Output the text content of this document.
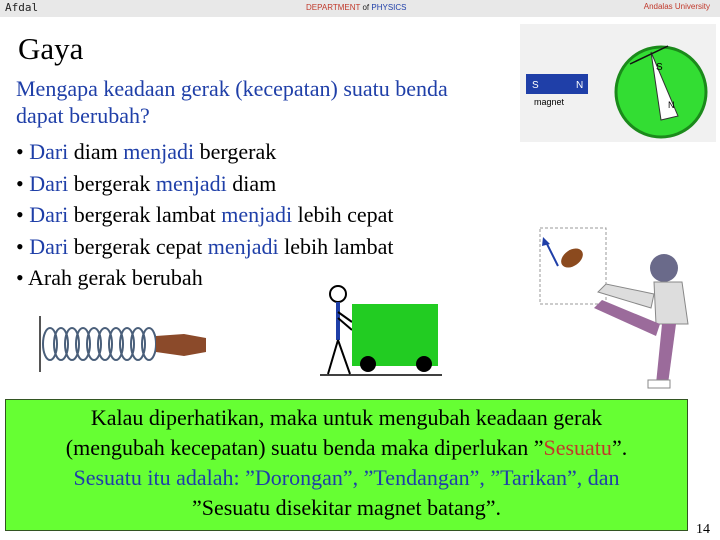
Afdal	DEPARTMENT of PHYSICS	Andalas University
Gaya
Mengapa keadaan gerak (kecepatan) suatu benda dapat berubah?
• Dari diam menjadi bergerak
• Dari bergerak menjadi diam
• Dari bergerak lambat menjadi lebih cepat
• Dari bergerak cepat menjadi lebih lambat
• Arah gerak berubah
S	N
magnet
S
N
Kalau diperhatikan, maka untuk mengubah keadaan gerak
(mengubah kecepatan) suatu benda maka diperlukan ”Sesuatu”.
Sesuatu itu adalah: ”Dorongan”, ”Tendangan”, ”Tarikan”, dan
”Sesuatu disekitar magnet batang”.
14
